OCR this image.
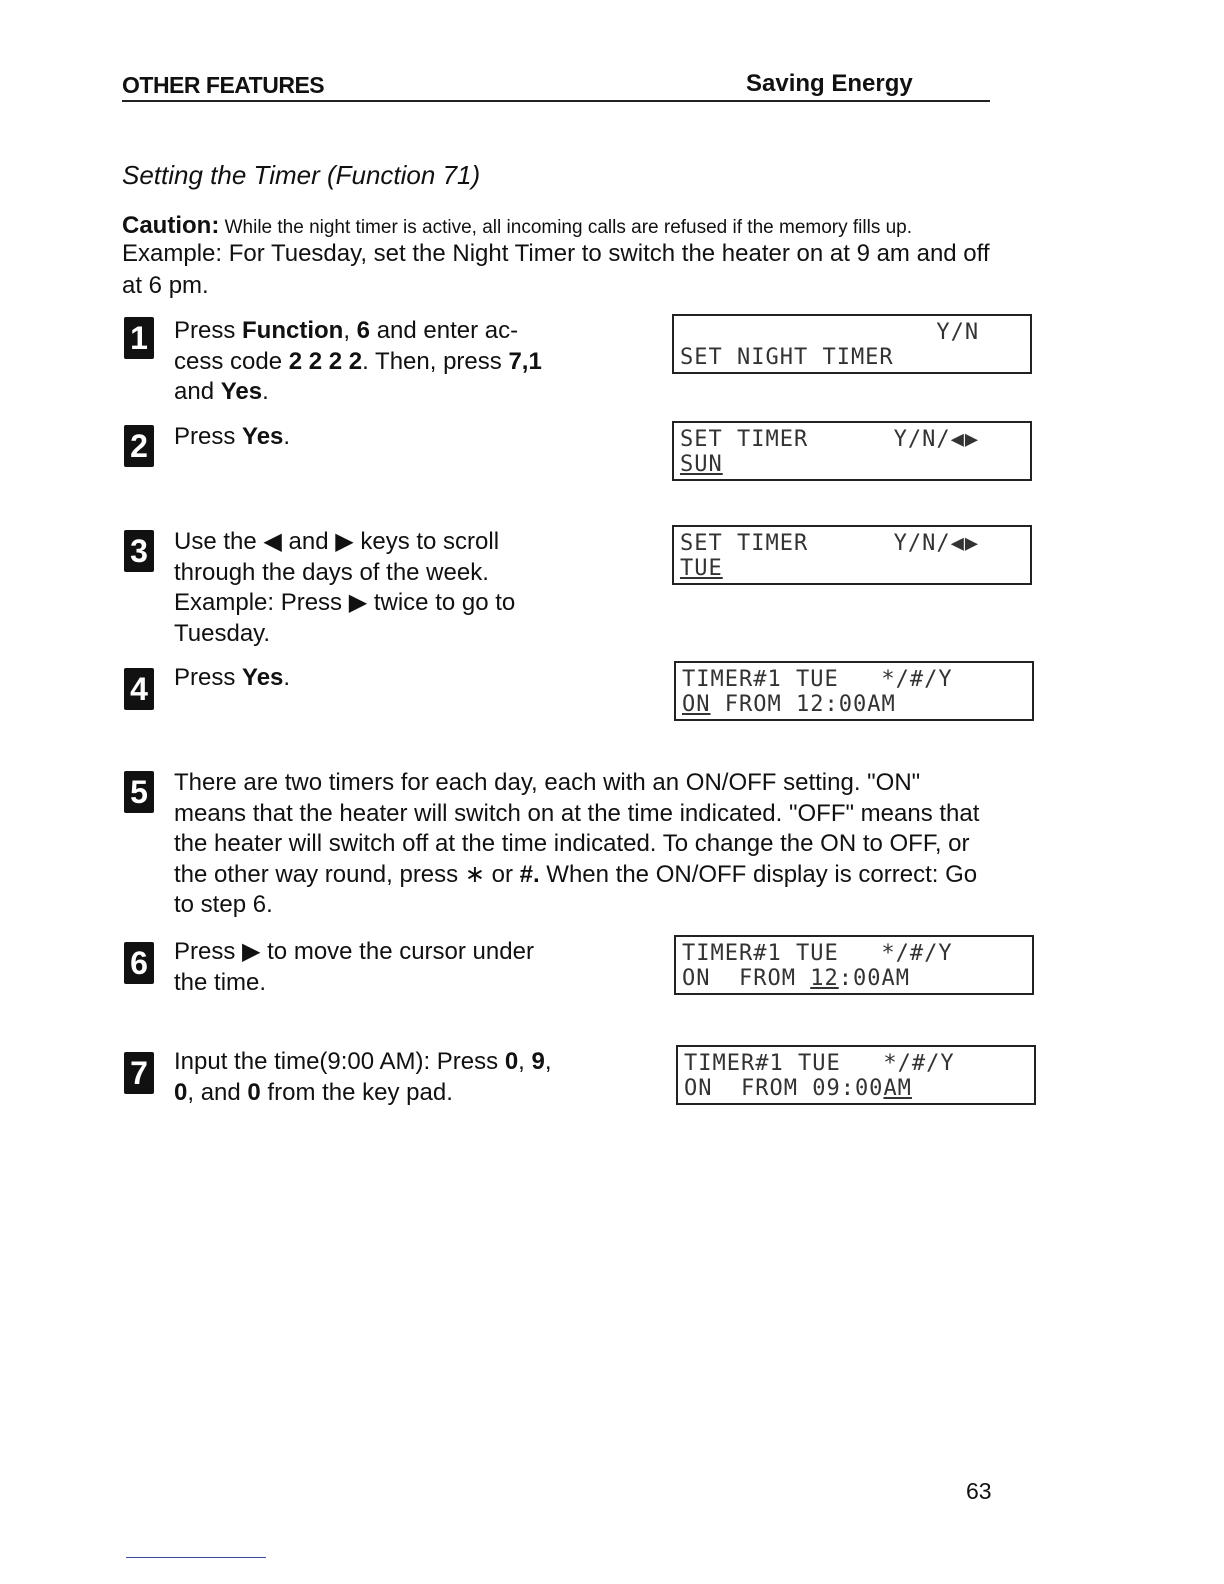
OTHER FEATURES	Saving Energy
Setting the Timer (Function 71)
Caution: While the night timer is active, all incoming calls are refused if the memory fills up.
Example: For Tuesday, set the Night Timer to switch the heater on at 9 am and off at 6 pm.
1 Press Function, 6 and enter ac-cess code 2 2 2 2. Then, press 7,1 and Yes.
2 Press Yes.
3 Use the ◀ and ▶ keys to scroll through the days of the week. Example: Press ▶ twice to go to Tuesday.
4 Press Yes.
5 There are two timers for each day, each with an ON/OFF setting. "ON" means that the heater will switch on at the time indicated. "OFF" means that the heater will switch off at the time indicated. To change the ON to OFF, or the other way round, press ∗ or #. When the ON/OFF display is correct: Go to step 6.
6 Press ▶ to move the cursor under the time.
7 Input the time(9:00 AM): Press 0, 9, 0, and 0 from the key pad.
Y/N
SET NIGHT TIMER
SET TIMER      Y/N/◀▶
SUN
SET TIMER      Y/N/◀▶
TUE
TIMER#1 TUE   */#/Y
ON FROM 12:00AM
TIMER#1 TUE   */#/Y
ON  FROM 12:00AM
TIMER#1 TUE   */#/Y
ON  FROM 09:00AM
63
